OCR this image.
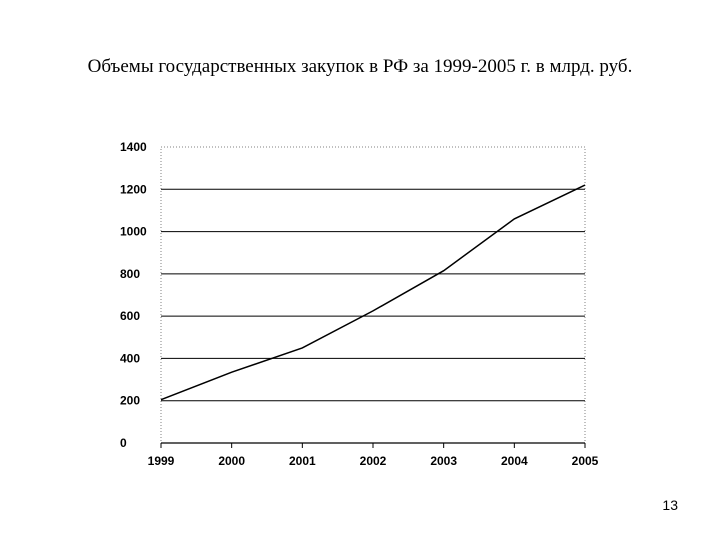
Объемы государственных закупок в РФ за 1999-2005 г. в млрд. руб.
0
200
400
600
800
1000
1200
1400
1999	2000	2001	2002	2003	2004	2005
13
